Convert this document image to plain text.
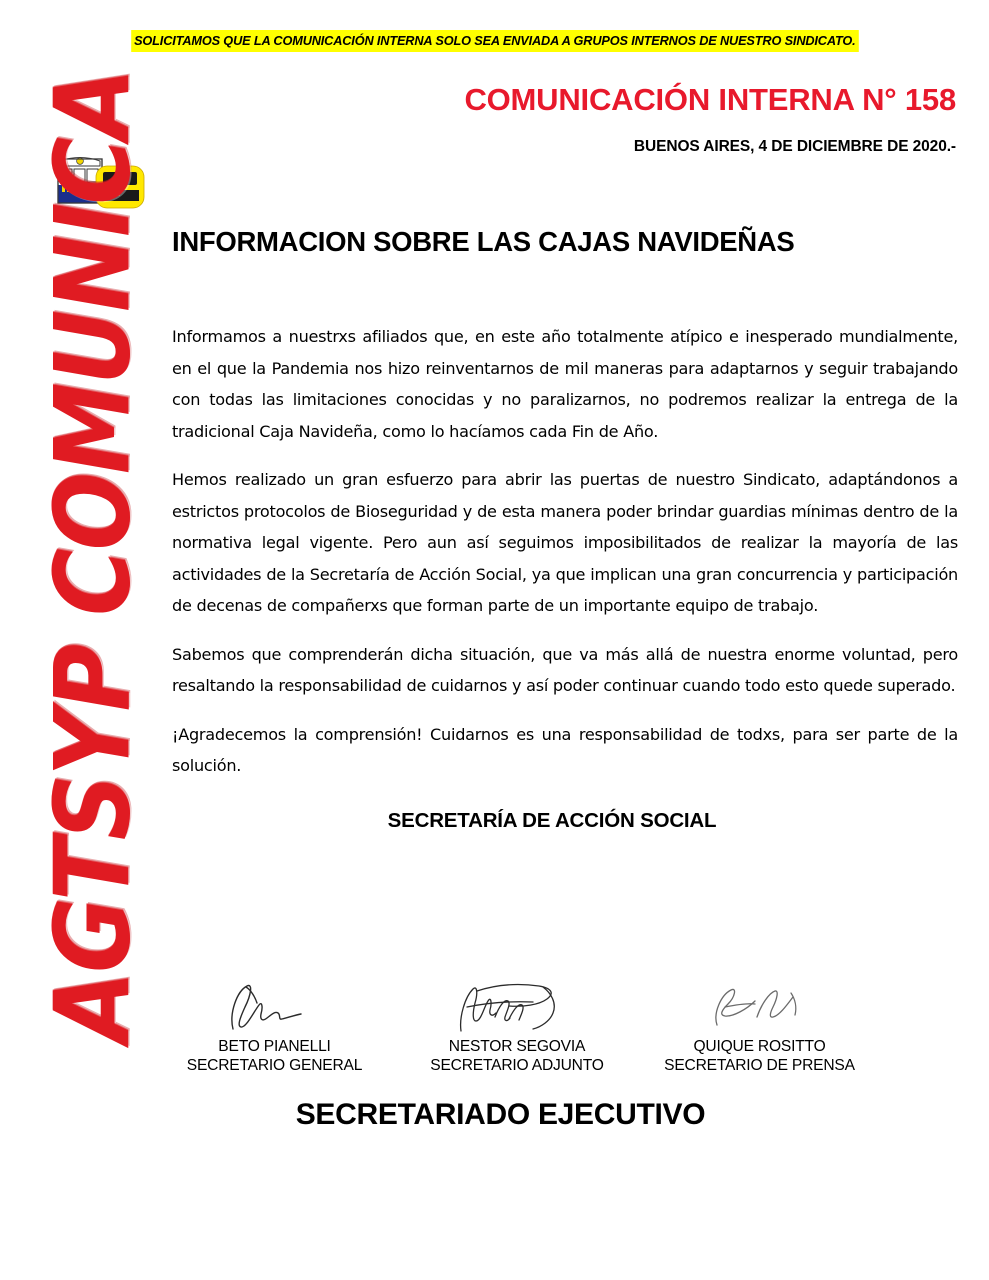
SOLICITAMOS QUE LA COMUNICACIÓN INTERNA SOLO SEA ENVIADA A GRUPOS INTERNOS DE NUESTRO SINDICATO.
COMUNICACIÓN INTERNA N° 158
BUENOS AIRES, 4 DE DICIEMBRE DE 2020.-
AGTSYP COMUNICA INFORMACION SOBRE LAS CAJAS NAVIDEÑAS

Informamos a nuestrxs afiliados que, en este año totalmente atípico e inesperado mundialmente, en el que la Pandemia nos hizo reinventarnos de mil maneras para adaptarnos y seguir trabajando con todas las limitaciones conocidas y no paralizarnos, no podremos realizar la entrega de la tradicional Caja Navideña, como lo hacíamos cada Fin de Año.

Hemos realizado un gran esfuerzo para abrir las puertas de nuestro Sindicato, adaptándonos a estrictos protocolos de Bioseguridad y de esta manera poder brindar guardias mínimas dentro de la normativa legal vigente. Pero aun así seguimos imposibilitados de realizar la mayoría de las actividades de la Secretaría de Acción Social, ya que implican una gran concurrencia y participación de decenas de compañerxs que forman parte de un importante equipo de trabajo.

Sabemos que comprenderán dicha situación, que va más allá de nuestra enorme voluntad, pero resaltando la responsabilidad de cuidarnos y así poder continuar cuando todo esto quede superado.

¡Agradecemos la comprensión! Cuidarnos es una responsabilidad de todxs, para ser parte de la solución.

SECRETARÍA DE ACCIÓN SOCIAL
BETO PIANELLI
SECRETARIO GENERAL
NESTOR SEGOVIA
SECRETARIO ADJUNTO
QUIQUE ROSITTO
SECRETARIO DE PRENSA
SECRETARIADO EJECUTIVO
